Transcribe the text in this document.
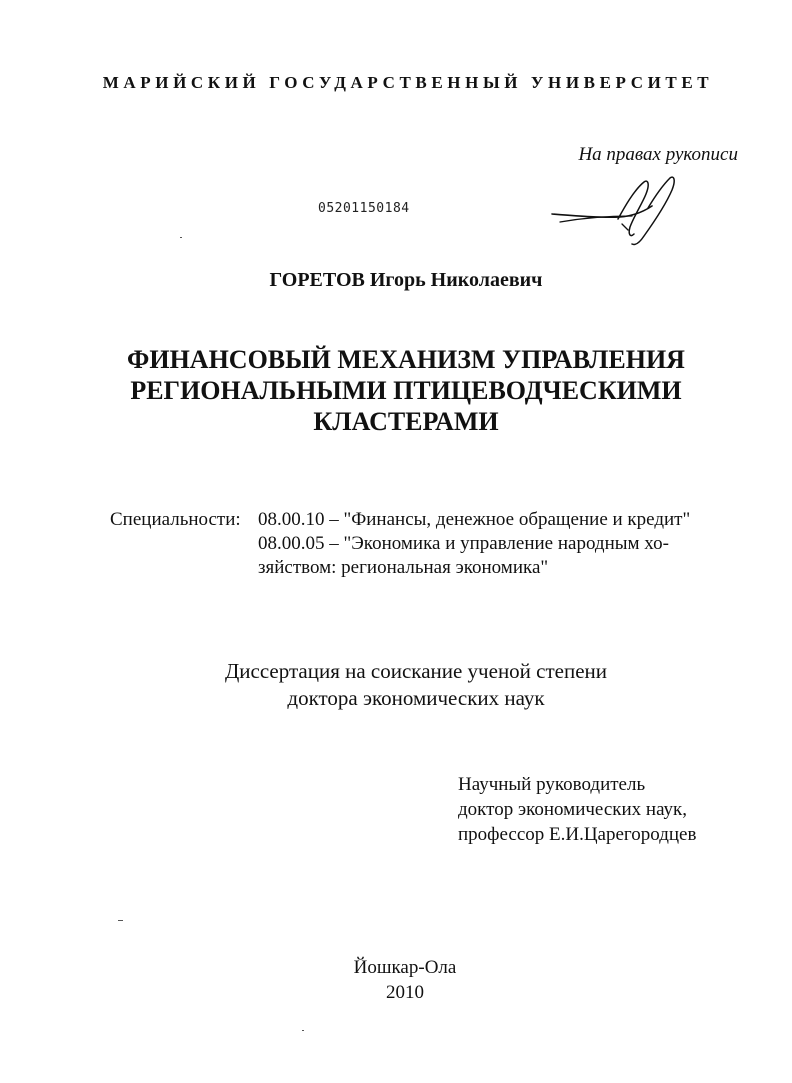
МАРИЙСКИЙ ГОСУДАРСТВЕННЫЙ УНИВЕРСИТЕТ
На правах рукописи
05201150184
ГОРЕТОВ Игорь Николаевич
ФИНАНСОВЫЙ МЕХАНИЗМ УПРАВЛЕНИЯ
РЕГИОНАЛЬНЫМИ ПТИЦЕВОДЧЕСКИМИ
КЛАСТЕРАМИ
Специальности: 08.00.10 – "Финансы, денежное обращение и кредит"
08.00.05 – "Экономика и управление народным хо-
зяйством: региональная экономика"
Диссертация на соискание ученой степени
доктора экономических наук
Научный руководитель
доктор экономических наук,
профессор Е.И.Царегородцев
Йошкар-Ола
2010
